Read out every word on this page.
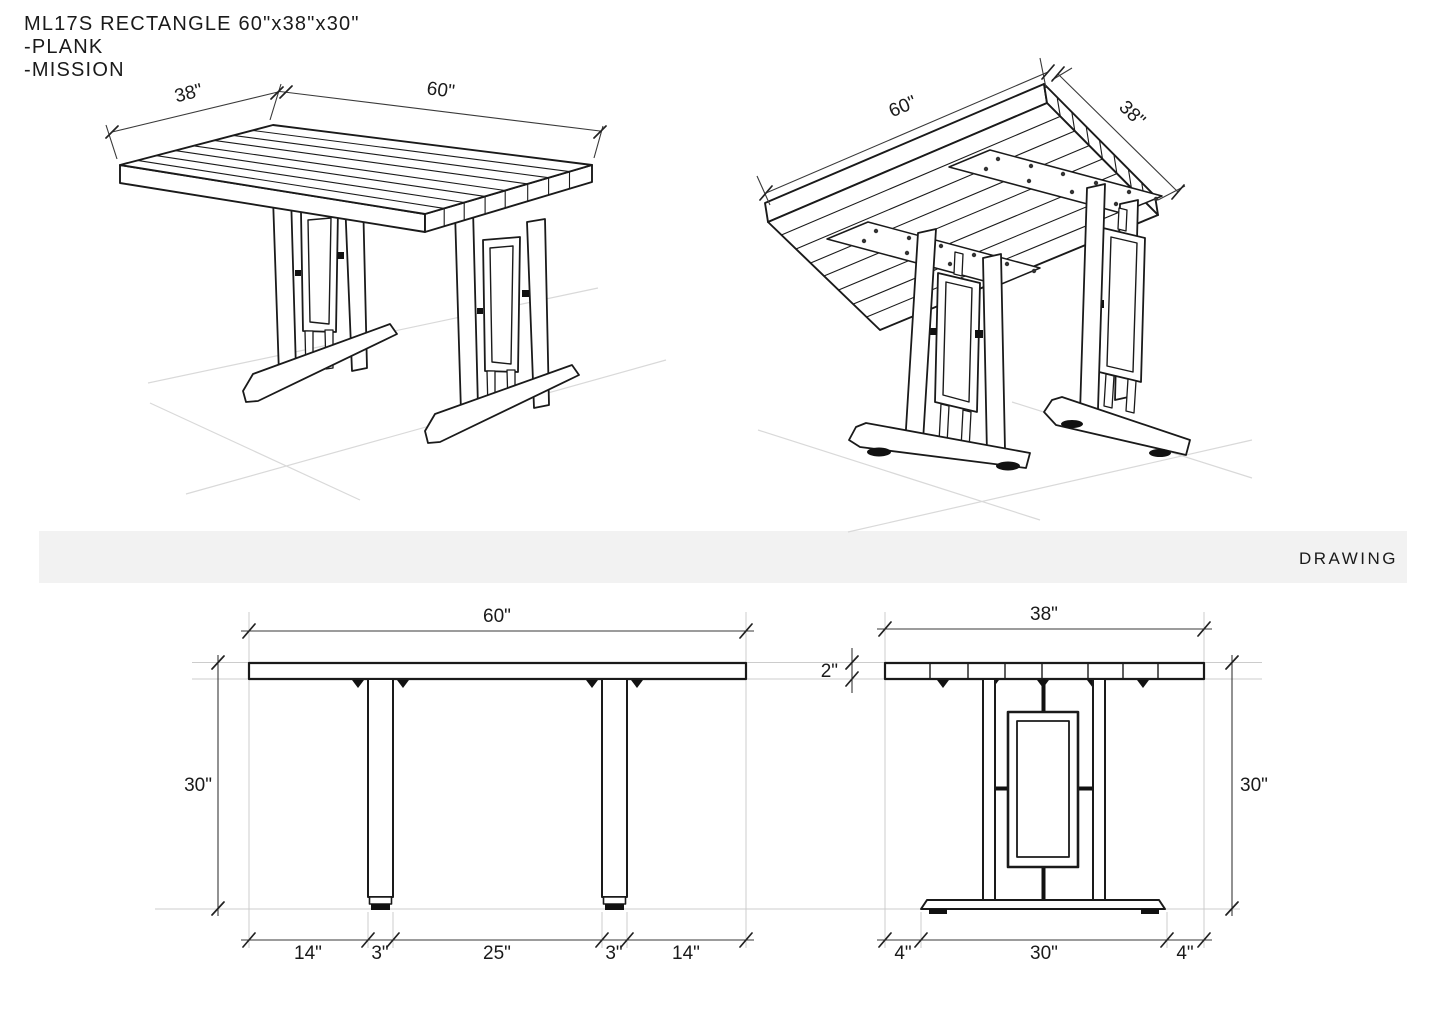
ML17S RECTANGLE 60"x38"x30"
-PLANK
-MISSION
DRAWING
38"	60"
60"	38"
60"
30"
14"	3"	25"	3"	14"
38"
2"
30"
4"	30"	4"
